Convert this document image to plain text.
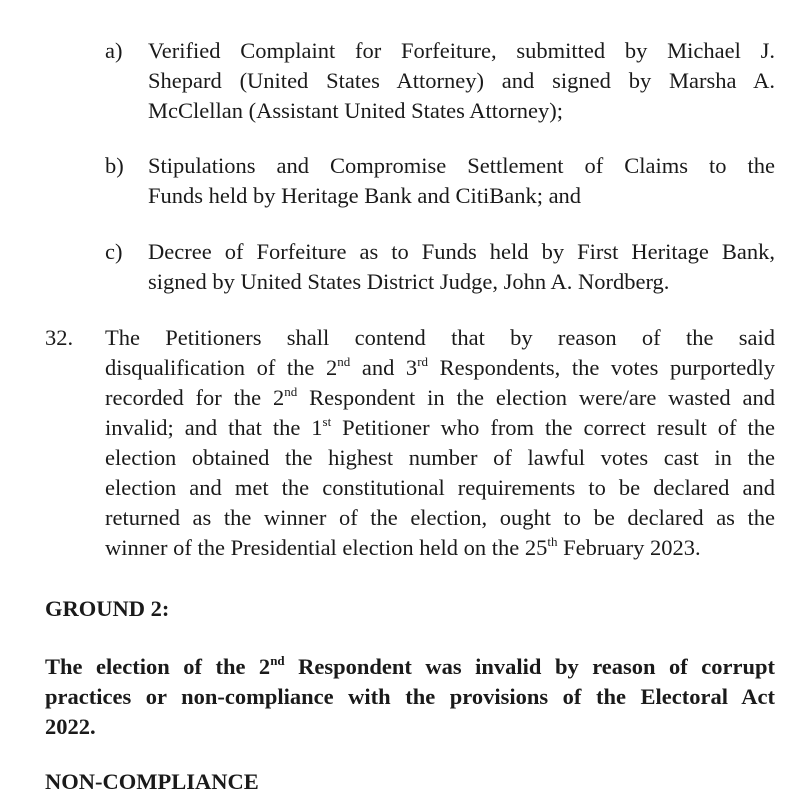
a) Verified Complaint for Forfeiture, submitted by Michael J.
Shepard (United States Attorney) and signed by Marsha A.
McClellan (Assistant United States Attorney);
b) Stipulations and Compromise Settlement of Claims to the
Funds held by Heritage Bank and CitiBank; and
c) Decree of Forfeiture as to Funds held by First Heritage Bank,
signed by United States District Judge, John A. Nordberg.
32. The Petitioners shall contend that by reason of the said
disqualification of the 2nd and 3rd Respondents, the votes purportedly
recorded for the 2nd Respondent in the election were/are wasted and
invalid; and that the 1st Petitioner who from the correct result of the
election obtained the highest number of lawful votes cast in the
election and met the constitutional requirements to be declared and
returned as the winner of the election, ought to be declared as the
winner of the Presidential election held on the 25th February 2023.
GROUND 2:
The election of the 2nd Respondent was invalid by reason of corrupt
practices or non-compliance with the provisions of the Electoral Act
2022.
NON-COMPLIANCE
